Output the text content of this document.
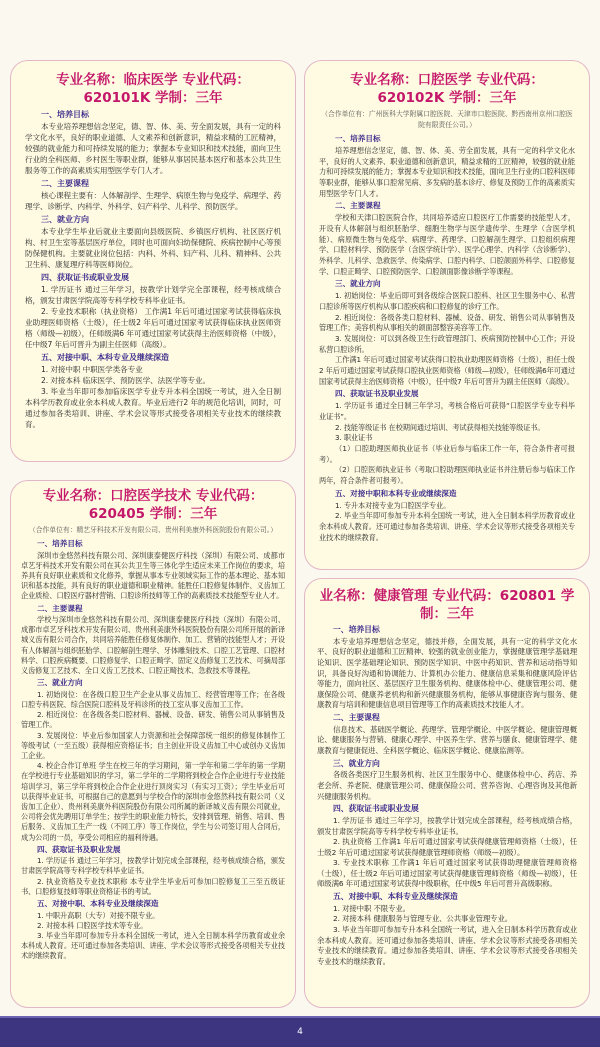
专业名称：临床医学 专业代码：620101K 学制：三年
一、培养目标

本专业培养理想信念坚定，德、智、体、美、劳全面发展，具有一定的科学文化水平，良好的职业道德、人文素养和创新意识，精益求精的工匠精神，较强的就业能力和可持续发展的能力；掌握本专业知识和技术技能，面向卫生行业的全科医师、乡村医生等职业群，能够从事居民基本医疗和基本公共卫生服务等工作的高素质实用型医学专门人才。

二、主要课程

核心课程主要有：人体解剖学、生理学、病原生物与免疫学、病理学、药理学、诊断学、内科学、外科学、妇产科学、儿科学、预防医学。

三、就业方向

本专业学生毕业后就业主要面向县级医院、乡镇医疗机构、社区医疗机构、村卫生室等基层医疗单位，同时也可面向妇幼保健院、疾病控制中心等预防保健机构。主要就业岗位包括：内科、外科、妇产科、儿科、精神科、公共卫生科、康复理疗科等医师岗位。

四、获取证书或职业发展

1. 学历证书 通过三年学习，按教学计划学完全部课程，经考核成绩合格，颁发甘肃医学院高等专科学校专科毕业证书。

2. 专业技术职称（执业资格） 工作满1 年后可通过国家考试获得临床执业助理医师资格（士级），任士级2 年后可通过国家考试获得临床执业医师资格（师级—初级），任师级满6 年可通过国家考试获得主治医师资格（中级），任中级7 年后可晋升为副主任医师（高级）。

五、对接中职、本科专业及继续深造

1. 对接中职 中职医学类各专业

2. 对接本科 临床医学、预防医学、法医学等专业。

3. 毕业当年即可参加临床医学专业专升本科全国统一考试，进入全日制本科学历教育或业余本科成人教育。毕业后进行2 年的规范化培训，同时，可通过参加各类培训、讲座、学术会议等形式接受各项相关专业技术的继续教育。

专业名称：口腔医学 专业代码：620102K 学制：三年
（合作单位有：广州医科大学附属口腔医院、天津市口腔医院、黔西南州京州口腔医院有限责任公司。）
一、培养目标

培养理想信念坚定，德、智、体、美、劳全面发展，具有一定的科学文化水平，良好的人文素养、职业道德和创新意识，精益求精的工匠精神，较强的就业能力和可持续发展的能力；掌握本专业知识和技术技能，面向卫生行业的口腔科医师等职业群，能够从事口腔常见病、多发病的基本诊疗、修复及预防工作的高素质实用型医学专门人才。

二、主要课程

学校和天津口腔医院合作，共同培养适应口腔医疗工作需要的技能型人才，开设有人体解剖与组织胚胎学、细胞生物学与医学遗传学、生理学（含医学机能）、病原微生物与免疫学、病理学、药理学、口腔解剖生理学、口腔组织病理学、口腔材料学、预防医学（含医学统计学）、医学心理学、内科学（含诊断学）、外科学、儿科学、急救医学、传染病学、口腔内科学、口腔颌面外科学、口腔修复学、口腔正畸学、口腔预防医学、口腔颌面影像诊断学等课程。

三、就业方向

1. 初始岗位：毕业后即可到各级综合医院口腔科、社区卫生服务中心、私营口腔诊所等医疗机构从事口腔疾病和口腔修复的诊疗工作。

2. 相近岗位：各级各类口腔材料、器械、设备、研发、销售公司从事销售及管理工作；美容机构从事相关的颌面部整容美容等工作。

3. 发展岗位：可以到各级卫生行政管理部门、疾病预防控制中心工作；开设私营口腔诊所。

工作满1 年后可通过国家考试获得口腔执业助理医师资格（士级），担任士级2 年后可通过国家考试获得口腔执业医师资格（师级—初级），任师级满6年可通过国家考试获得主治医师资格（中级），任中级7 年后可晋升为副主任医师（高级）。

四、获取证书及职业发展

1. 学历证书 通过全日制三年学习，考核合格后可获得“口腔医学专业专科毕业证书”。

2. 技能等级证书 在校期间通过培训、考试获得相关技能等级证书。

3. 职业证书

（1）口腔助理医师执业证书（毕业后参与临床工作一年，符合条件者可报考）。

（2）口腔医师执业证书（考取口腔助理医师执业证书并注册后参与临床工作两年，符合条件者可报考）。

五、对接中职和本科专业或继续深造

1. 专升本对接专业为口腔医学专业。

2. 毕业当年即可参加专升本科全国统一考试，进入全日制本科学历教育或业余本科成人教育。还可通过参加各类培训、讲座、学术会议等形式接受各项相关专业技术的继续教育。

专业名称：口腔医学技术 专业代码：620405 学制：三年
（合作单位有：精艺牙科技术开发有限公司、贵州利美康外科医院股份有限公司。）
一、培养目标

深圳市金悠然科技有限公司、深圳康泰健医疗科技（深圳）有限公司、成都市卓艺牙科技术开发有限公司在其公共卫生等三体化学生适应未来工作岗位的要求，培养具有良好职业素质和文化修养，掌握从事本专业领域实际工作的基本理论、基本知识和基本技能，具有良好的职业道德和职业精神。能胜任口腔修复体制作、义齿加工企业质检、口腔医疗器材营销、口腔诊所技师等工作的高素质技术技能型专业人才。

二、主要课程

学校与深圳市金悠然科技有限公司、深圳康泰健医疗科技（深圳）有限公司、成都市卓艺牙科技术开发有限公司、贵州利美康外科医院股份有限公司所开展的新译城义齿有限公司合作，共同培养能胜任修复体制作、加工、营销的技能型人才；开设有人体解剖与组织胚胎学、口腔解剖生理学、牙体雕刻技术、口腔工艺管理、口腔材料学、口腔疾病概要、口腔修复学、口腔正畸学、固定义齿修复工艺技术、可摘局部义齿修复工艺技术、全口义齿工艺技术、口腔正畸技术、急救技术等课程。

三、就业方向

1. 初始岗位：在各级口腔卫生产企业从事义齿加工、经营管理等工作；在各级口腔专科医院、综合医院口腔科及牙科诊所的技工室从事义齿加工工作。

2. 相近岗位：在各级各类口腔材料、器械、设备、研发、销售公司从事销售及管理工作。

3. 发展岗位：毕业后参加国家人力资源和社会保障部统一组织的修复体制作工等级考试（一至五级）获得相应资格证书；自主创业开设义齿加工中心或创办义齿加工企业。

4. 校企合作订单班 学生在校三年的学习期间，第一学年和第二学年的第一学期在学校进行专业基础知识的学习，第二学年的二学期将到校企合作企业进行专业技能培训学习，第三学年将到校企合作企业进行顶岗实习（有实习工资）；学生毕业后可以获得毕业证书，可根据自己的意愿到与学校合作的深圳市金悠然科技有限公司（义齿加工企业）、贵州利美康外科医院股份有限公司所属的新译城义齿有限公司就业，公司将会优先聘用订单学生；按学生的职业能力特长，安排到管理、销售、培训、售后服务、义齿加工生产一线（不同工序）等工作岗位，学生与公司签订用人合同后，成为公司的一员，享受公司相应的福利待遇。

四、获取证书及职业发展

1. 学历证书 通过三年学习，按教学计划完成全部课程，经考核成绩合格，颁发甘肃医学院高等专科学校专科毕业证书。

2. 执业资格及专业技术职称 本专业学生毕业后可参加口腔修复工三至五级证书、口腔修复技师等职业资格证书的考试。

五、对接中职、本科专业及继续深造

1. 中职升高职（大专）对接不限专业。

2. 对接本科 口腔医学技术等专业。

3. 毕业当年即可参加专升本科全国统一考试，进入全日制本科学历教育或业余本科成人教育。还可通过参加各类培训、讲座、学术会议等形式接受各项相关专业技术的继续教育。

业名称：健康管理 专业代码：620801 学制：三年
一、培养目标

本专业培养理想信念坚定，德技并修，全面发展，具有一定的科学文化水平、良好的职业道德和工匠精神、较强的就业创业能力，掌握健康管理学基础理论知识、医学基础理论知识、预防医学知识、中医中药知识、营养和运动指导知识，具备良好沟通和协调能力、计算机办公能力、健康信息采集和健康风险评估等能力，面向社区、基层医疗卫生服务机构、健康体检中心、健康管理公司、健康保险公司、健康养老机构和新兴健康服务机构，能够从事健康咨询与服务、健康教育与培训和健康信息项目管理等工作的高素质技术技能人才。

二、主要课程

信息技术、基础医学概论、药理学、管理学概论、中医学概论、健康管理概论、健康服务与营销、健康心理学、中医养生学、营养与膳食、健康管理学、健康教育与健康促进、全科医学概论、临床医学概论、健康监测等。

三、就业方向

各级各类医疗卫生服务机构、社区卫生服务中心、健康体检中心、药店、养老会所、养老院、健康管理公司、健康保险公司、营养咨询、心理咨询及其他新兴健康服务机构。

四、获取证书或职业发展

1. 学历证书 通过三年学习，按教学计划完成全部课程，经考核成绩合格，颁发甘肃医学院高等专科学校专科毕业证书。

2. 执业资格 工作满1 年后可通过国家考试获得健康管理师资格（士级），任士级2 年后可通过国家考试获得健康管理师资格（师级—初级）。

3. 专业技术职称 工作满1 年后可通过国家考试获得助理健康管理师资格（士级），任士级2 年后可通过国家考试获得健康管理师资格（师级—初级），任师级满6 年可通过国家考试获得中级职称，任中级5 年后可晋升高级职称。

五、对接中职、本科专业及继续深造

1. 对接中职 不限专业。

2. 对接本科 健康服务与管理专业、公共事业管理专业。

3. 毕业当年即可参加专升本科全国统一考试，进入全日制本科学历教育或业余本科成人教育。还可通过参加各类培训、讲座、学术会议等形式接受各项相关专业技术的继续教育。通过参加各类培训、讲座、学术会议等形式接受各项相关专业技术的继续教育。

4
